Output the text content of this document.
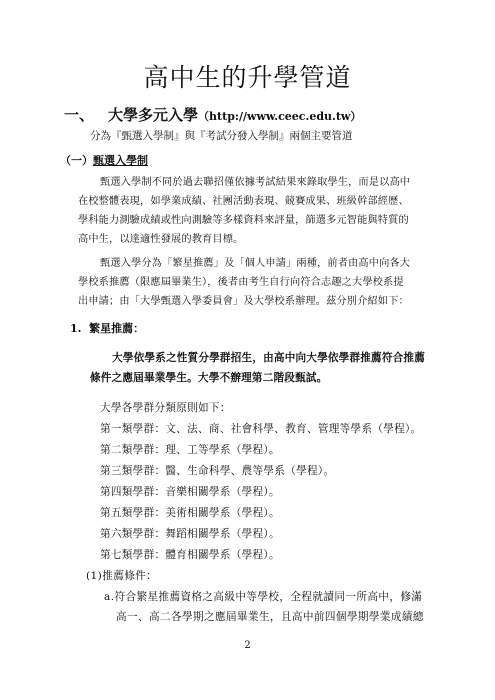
高中生的升學管道
一、 大學多元入學（http://www.ceec.edu.tw）
分為『甄選入學制』與『考試分發入學制』兩個主要管道
（一）甄選入學制
甄選入學制不同於過去聯招僅依據考試結果來錄取學生，而是以高中
在校整體表現，如學業成績、社團活動表現、競賽成果、班級幹部經歷、
學科能力測驗成績或性向測驗等多樣資料來評量，篩選多元智能與特質的
高中生，以達適性發展的教育目標。
甄選入學分為「繁星推薦」及「個人申請」兩種，前者由高中向各大
學校系推薦（限應屆畢業生），後者由考生自行向符合志趣之大學校系提
1. 繁星推薦：
出申請；由「大學甄選入學委員會」及大學校系辦理。茲分別介紹如下：
大學依學系之性質分學群招生，由高中向大學依學群推薦符合推薦
條件之應屆畢業學生。大學不辦理第二階段甄試。
大學各學群分類原則如下：
第一類學群：文、法、商、社會科學、教育、管理等學系（學程）。
第二類學群：理、工等學系（學程）。
第三類學群：醫、生命科學、農等學系（學程）。
第四類學群：音樂相關學系（學程）。
第五類學群：美術相關學系（學程）。
第六類學群：舞蹈相關學系（學程）。
第七類學群：體育相關學系（學程）。
(1)推薦條件：
a.符合繁星推薦資格之高級中等學校，全程就讀同一所高中，修滿
高一、高二各學期之應屆畢業生，且高中前四個學期學業成績總
2
